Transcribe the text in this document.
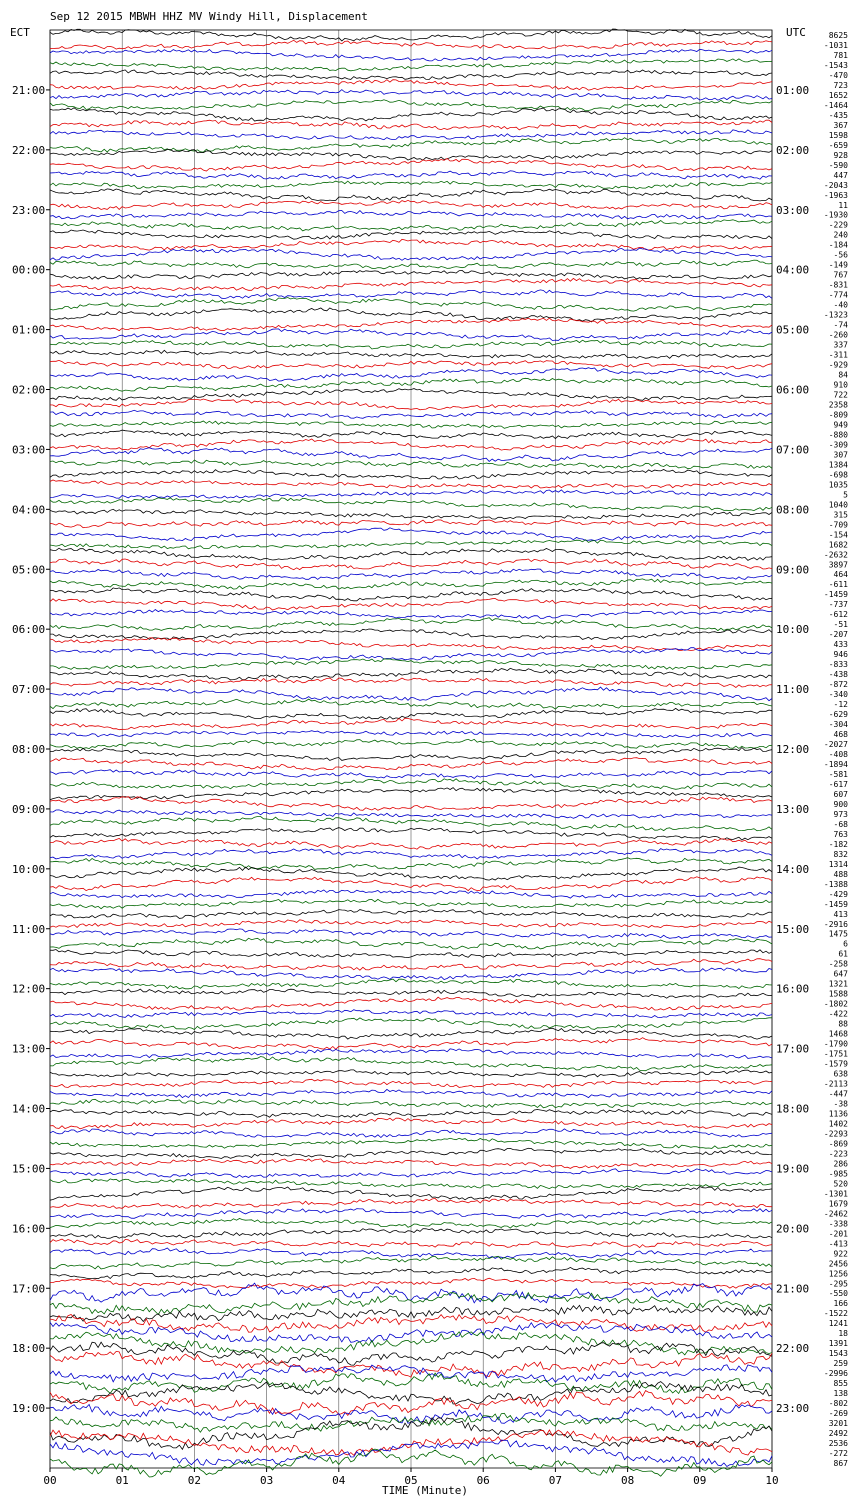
Sep 12 2015 MBWH HHZ MV Windy Hill, Displacement
ECT	UTC
21:00
22:00
23:00
00:00
01:00
02:00
03:00
04:00
05:00
06:00
07:00
08:00
09:00
10:00
11:00
12:00
13:00
14:00
15:00
16:00
17:00
18:00
19:00
01:00
02:00
03:00
04:00
05:00
06:00
07:00
08:00
09:00
10:00
11:00
12:00
13:00
14:00
15:00
16:00
17:00
18:00
19:00
20:00
21:00
22:00
23:00
8625
-1031
781
-1543
-470
723
1652
-1464
-435
367
1598
-659
928
-590
447
-2043
-1963
11
-1930
-229
240
-184
-56
-149
767
-831
-774
-40
-1323
-74
-260
337
-311
-929
84
910
722
2358
-809
949
-880
-309
307
1384
-698
1035
5
1040
315
-709
-154
1682
-2632
3897
464
-611
-1459
-737
-612
-51
-207
433
946
-833
-438
-872
-340
-12
-629
-304
468
-2027
-408
-1894
-581
-617
607
900
973
-68
763
-182
832
1314
488
-1388
-429
-1459
413
-2916
1475
6
61
-258
647
1321
1588
-1802
-422
88
1468
-1790
-1751
-1579
638
-2113
-447
-38
1136
1402
-2293
-869
-223
286
-985
520
-1301
1679
-2462
-338
-201
-413
922
2456
1256
-295
-550
166
-1522
1241
18
1391
1543
259
-2996
855
138
-802
-269
3201
2492
2536
-272
867
00	01	02	03	04	05	06	07	08	09	10
TIME (Minute)
